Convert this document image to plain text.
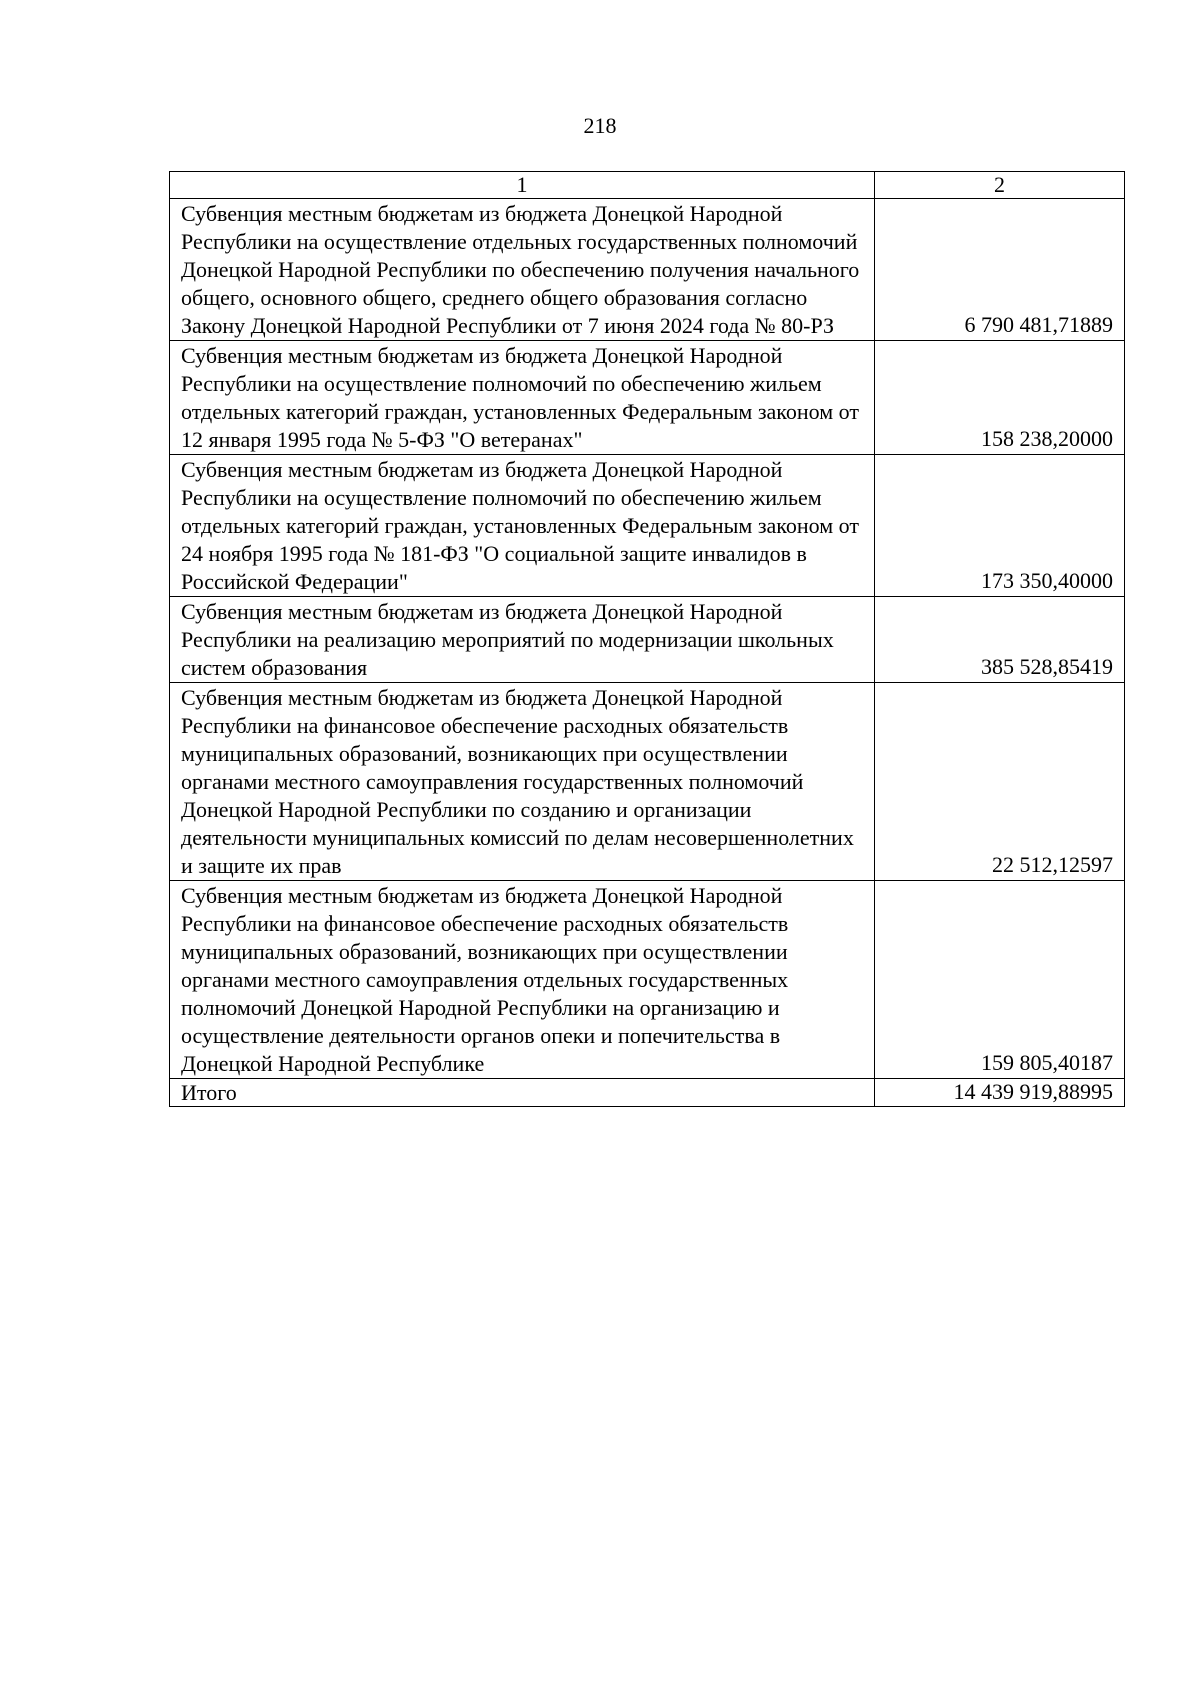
218
1	2
Субвенция местным бюджетам из бюджета Донецкой Народной Республики на осуществление отдельных государственных полномочий Донецкой Народной Республики по обеспечению получения начального общего, основного общего, среднего общего образования согласно Закону Донецкой Народной Республики от 7 июня 2024 года № 80-РЗ	6 790 481,71889
Субвенция местным бюджетам из бюджета Донецкой Народной Республики на осуществление полномочий по обеспечению жильем отдельных категорий граждан, установленных Федеральным законом от 12 января 1995 года № 5-ФЗ "О ветеранах"	158 238,20000
Субвенция местным бюджетам из бюджета Донецкой Народной Республики на осуществление полномочий по обеспечению жильем отдельных категорий граждан, установленных Федеральным законом от 24 ноября 1995 года № 181-ФЗ "О социальной защите инвалидов в Российской Федерации"	173 350,40000
Субвенция местным бюджетам из бюджета Донецкой Народной Республики на реализацию мероприятий по модернизации школьных систем образования	385 528,85419
Субвенция местным бюджетам из бюджета Донецкой Народной Республики на финансовое обеспечение расходных обязательств муниципальных образований, возникающих при осуществлении органами местного самоуправления государственных полномочий Донецкой Народной Республики по созданию и организации деятельности муниципальных комиссий по делам несовершеннолетних и защите их прав	22 512,12597
Субвенция местным бюджетам из бюджета Донецкой Народной Республики на финансовое обеспечение расходных обязательств муниципальных образований, возникающих при осуществлении органами местного самоуправления отдельных государственных полномочий Донецкой Народной Республики на организацию и осуществление деятельности органов опеки и попечительства в Донецкой Народной Республике	159 805,40187
Итого	14 439 919,88995
